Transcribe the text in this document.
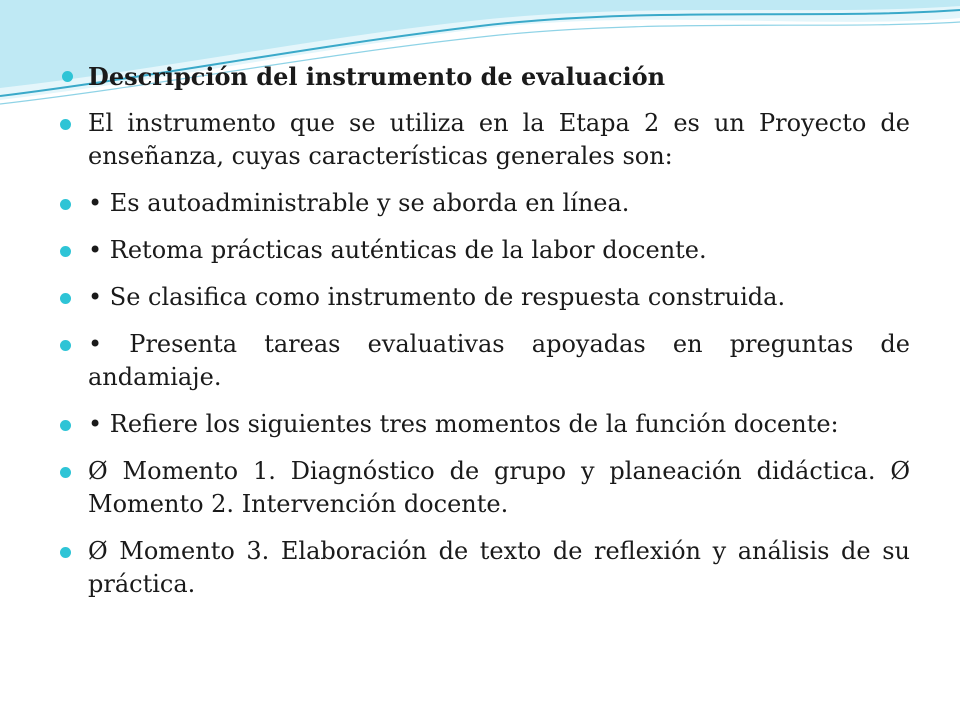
Descripción del instrumento de evaluación
El instrumento que se utiliza en la Etapa 2 es un Proyecto de enseñanza, cuyas características generales son:
• Es autoadministrable y se aborda en línea.
• Retoma prácticas auténticas de la labor docente.
• Se clasifica como instrumento de respuesta construida.
• Presenta tareas evaluativas apoyadas en preguntas de andamiaje.
• Refiere los siguientes tres momentos de la función docente:
Ø Momento 1. Diagnóstico de grupo y planeación didáctica. Ø Momento 2. Intervención docente.
Ø Momento 3. Elaboración de texto de reflexión y análisis de su práctica.
